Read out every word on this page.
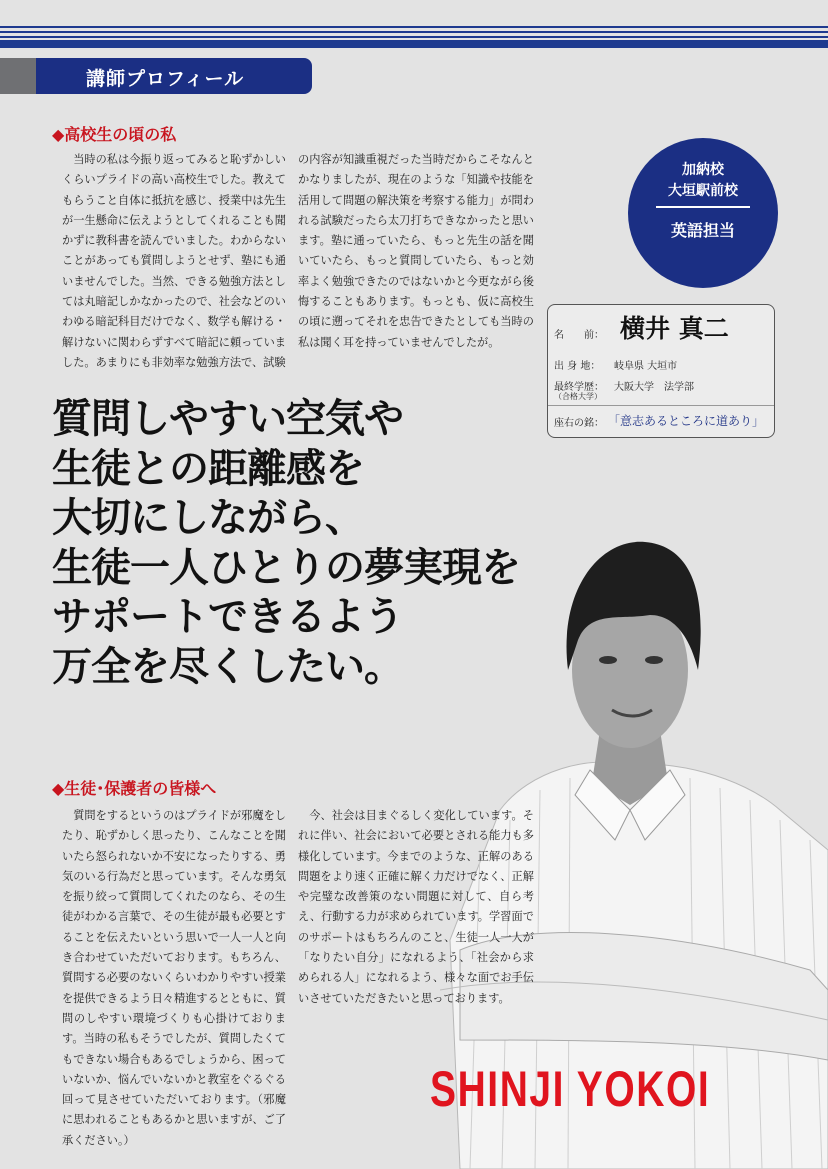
講師プロフィール
◆高校生の頃の私
当時の私は今振り返ってみると恥ずかしいくらいプライドの高い高校生でした。教えてもらうこと自体に抵抗を感じ、授業中は先生が一生懸命に伝えようとしてくれることも聞かずに教科書を読んでいました。わからないことがあっても質問しようとせず、塾にも通いませんでした。当然、できる勉強方法としては丸暗記しかなかったので、社会などのいわゆる暗記科目だけでなく、数学も解ける・解けないに関わらずすべて暗記に頼っていました。あまりにも非効率な勉強方法で、試験
の内容が知識重視だった当時だからこそなんとかなりましたが、現在のような「知識や技能を活用して問題の解決策を考察する能力」が問われる試験だったら太刀打ちできなかったと思います。塾に通っていたら、もっと先生の話を聞いていたら、もっと質問していたら、もっと効率よく勉強できたのではないかと今更ながら後悔することもあります。もっとも、仮に高校生の頃に遡ってそれを忠告できたとしても当時の私は聞く耳を持っていませんでしたが。
加納校
大垣駅前校
英語担当
名　　前： 横井 真二
出 身 地： 岐阜県 大垣市
最終学歴：
（合格大学）
大阪大学　法学部
座右の銘： 「意志あるところに道あり」
質問しやすい空気や
生徒との距離感を
大切にしながら、
生徒一人ひとりの夢実現を
サポートできるよう
万全を尽くしたい。
◆生徒･保護者の皆様へ
質問をするというのはプライドが邪魔をしたり、恥ずかしく思ったり、こんなことを聞いたら怒られないか不安になったりする、勇気のいる行為だと思っています。そんな勇気を振り絞って質問してくれたのなら、その生徒がわかる言葉で、その生徒が最も必要とすることを伝えたいという思いで一人一人と向き合わせていただいております。もちろん、質問する必要のないくらいわかりやすい授業を提供できるよう日々精進するとともに、質問のしやすい環境づくりも心掛けております。当時の私もそうでしたが、質問したくてもできない場合もあるでしょうから、困っていないか、悩んでいないかと教室をぐるぐる回って見させていただいております。（邪魔に思われることもあるかと思いますが、ご了承ください。）
今、社会は目まぐるしく変化しています。それに伴い、社会において必要とされる能力も多様化しています。今までのような、正解のある問題をより速く正確に解く力だけでなく、正解や完璧な改善策のない問題に対して、自ら考え、行動する力が求められています。学習面でのサポートはもちろんのこと、生徒一人一人が「なりたい自分」になれるよう、「社会から求められる人」になれるよう、様々な面でお手伝いさせていただきたいと思っております。
SHINJI YOKOI
